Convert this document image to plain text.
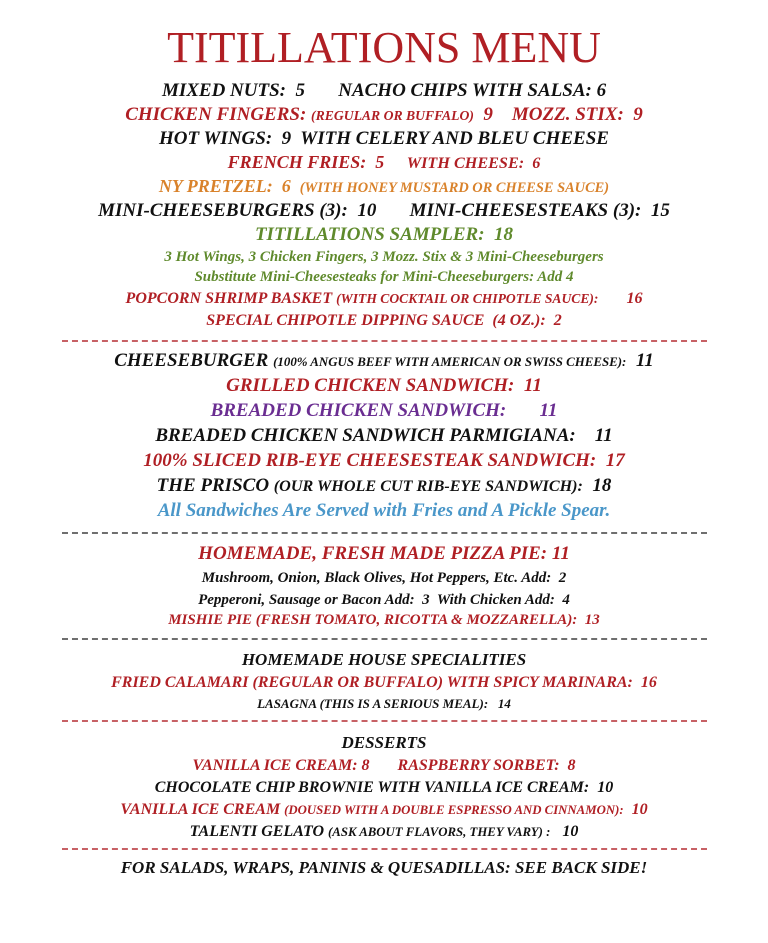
TITILLATIONS MENU
MIXED NUTS:  5       NACHO CHIPS WITH SALSA: 6
CHICKEN FINGERS: (REGULAR OR BUFFALO)  9    MOZZ. STIX:  9
HOT WINGS:  9  WITH CELERY AND BLEU CHEESE
FRENCH FRIES:  5     WITH CHEESE:  6
NY PRETZEL:  6  (WITH HONEY MUSTARD OR CHEESE SAUCE)
MINI-CHEESEBURGERS (3):  10       MINI-CHEESESTEAKS (3):  15
TITILLATIONS SAMPLER:  18
3 Hot Wings, 3 Chicken Fingers, 3 Mozz. Stix & 3 Mini-Cheeseburgers
Substitute Mini-Cheesesteaks for Mini-Cheeseburgers: Add 4
POPCORN SHRIMP BASKET (WITH COCKTAIL OR CHIPOTLE SAUCE):       16
SPECIAL CHIPOTLE DIPPING SAUCE  (4 OZ.):  2
CHEESEBURGER (100% ANGUS BEEF WITH AMERICAN OR SWISS CHEESE):  11
GRILLED CHICKEN SANDWICH:  11
BREADED CHICKEN SANDWICH:       11
BREADED CHICKEN SANDWICH PARMIGIANA:    11
100% SLICED RIB-EYE CHEESESTEAK SANDWICH:  17
THE PRISCO (OUR WHOLE CUT RIB-EYE SANDWICH):  18
All Sandwiches Are Served with Fries and A Pickle Spear.
HOMEMADE, FRESH MADE PIZZA PIE: 11
Mushroom, Onion, Black Olives, Hot Peppers, Etc. Add:  2
Pepperoni, Sausage or Bacon Add:  3  With Chicken Add:  4
MISHIE PIE (FRESH TOMATO, RICOTTA & MOZZARELLA):  13
HOMEMADE HOUSE SPECIALITIES
FRIED CALAMARI (REGULAR OR BUFFALO) WITH SPICY MARINARA:  16
LASAGNA (THIS IS A SERIOUS MEAL):   14
DESSERTS
VANILLA ICE CREAM: 8       RASPBERRY SORBET:  8
CHOCOLATE CHIP BROWNIE WITH VANILLA ICE CREAM:  10
VANILLA ICE CREAM (DOUSED WITH A DOUBLE ESPRESSO AND CINNAMON):  10
TALENTI GELATO (ASK ABOUT FLAVORS, THEY VARY) :   10
FOR SALADS, WRAPS, PANINIS & QUESADILLAS: SEE BACK SIDE!
